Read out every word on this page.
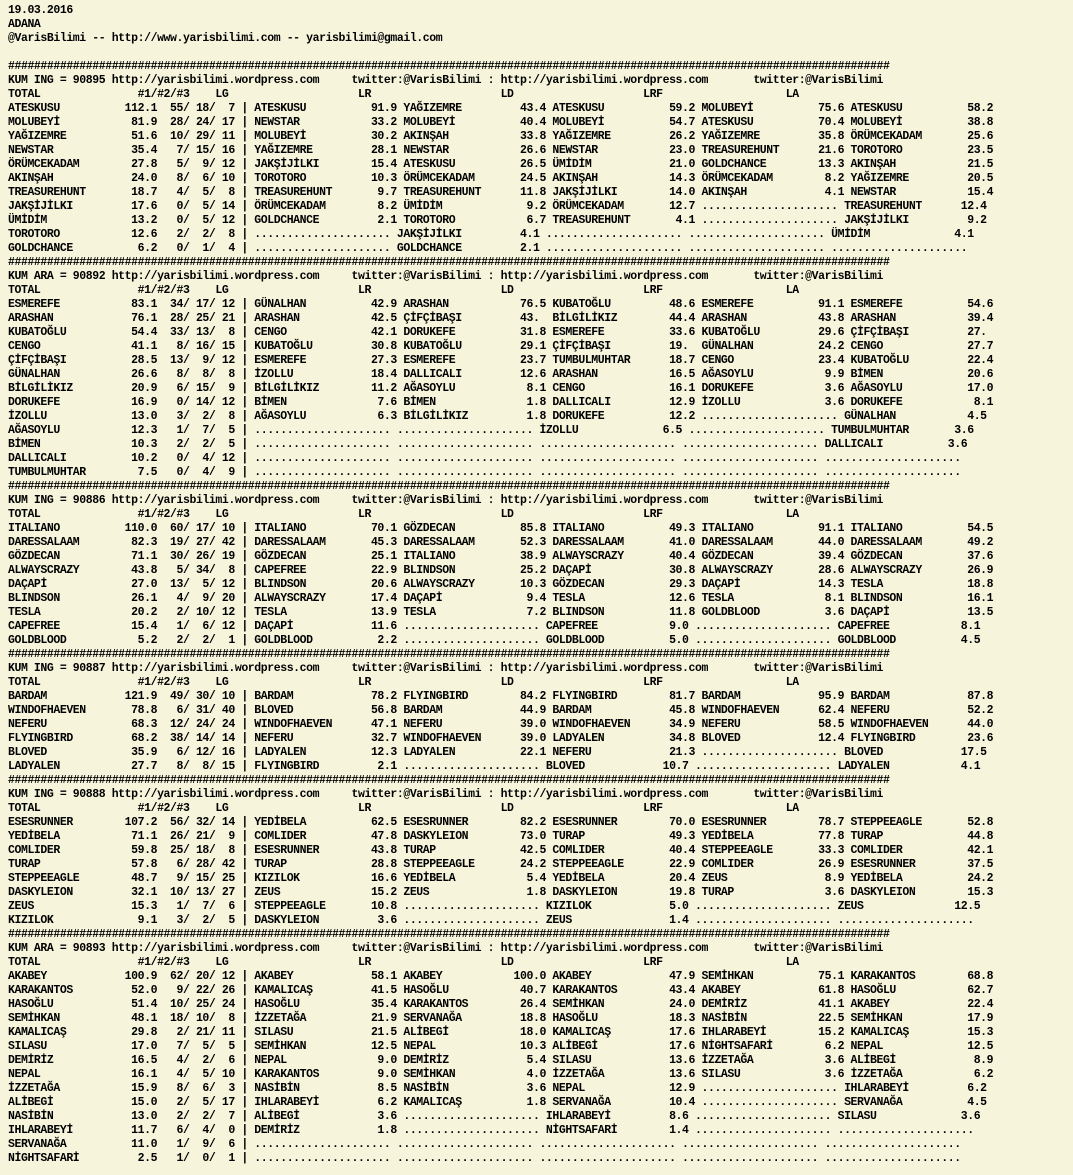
19.03.2016
ADANA
@VarisBilimi -- http://www.yarisbilimi.com -- yarisbilimi@gmail.com

########################################################################################################################################
KUM ING = 90895 http://yarisbilimi.wordpress.com     twitter:@VarisBilimi : http://yarisbilimi.wordpress.com       twitter:@VarisBilimi
TOTAL               #1/#2/#3    LG                    LR                    LD                    LRF                   LA
ATESKUSU          112.1  55/ 18/  7 | ATESKUSU          91.9 YAĞIZEMRE         43.4 ATESKUSU          59.2 MOLUBEYİ          75.6 ATESKUSU          58.2
MOLUBEYİ           81.9  28/ 24/ 17 | NEWSTAR           33.2 MOLUBEYİ          40.4 MOLUBEYİ          54.7 ATESKUSU          70.4 MOLUBEYİ          38.8
YAĞIZEMRE          51.6  10/ 29/ 11 | MOLUBEYİ          30.2 AKINŞAH           33.8 YAĞIZEMRE         26.2 YAĞIZEMRE         35.8 ÖRÜMCEKADAM       25.6
NEWSTAR            35.4   7/ 15/ 16 | YAĞIZEMRE         28.1 NEWSTAR           26.6 NEWSTAR           23.0 TREASUREHUNT      21.6 TOROTORO          23.5
ÖRÜMCEKADAM        27.8   5/  9/ 12 | JAKŞİJİLKI        15.4 ATESKUSU          26.5 ÜMİDİM            21.0 GOLDCHANCE        13.3 AKINŞAH           21.5
AKINŞAH            24.0   8/  6/ 10 | TOROTORO          10.3 ÖRÜMCEKADAM       24.5 AKINŞAH           14.3 ÖRÜMCEKADAM        8.2 YAĞIZEMRE         20.5
TREASUREHUNT       18.7   4/  5/  8 | TREASUREHUNT       9.7 TREASUREHUNT      11.8 JAKŞİJİLKI        14.0 AKINŞAH            4.1 NEWSTAR           15.4
JAKŞİJİLKI         17.6   0/  5/ 14 | ÖRÜMCEKADAM        8.2 ÜMİDİM             9.2 ÖRÜMCEKADAM       12.7 ..................... TREASUREHUNT      12.4
ÜMİDİM             13.2   0/  5/ 12 | GOLDCHANCE         2.1 TOROTORO           6.7 TREASUREHUNT       4.1 ..................... JAKŞİJİLKI         9.2
TOROTORO           12.6   2/  2/  8 | ..................... JAKŞİJİLKI         4.1 ..................... ..................... ÜMİDİM             4.1
GOLDCHANCE          6.2   0/  1/  4 | ..................... GOLDCHANCE         2.1 ..................... ..................... .....................
########################################################################################################################################
KUM ARA = 90892 http://yarisbilimi.wordpress.com     twitter:@VarisBilimi : http://yarisbilimi.wordpress.com       twitter:@VarisBilimi
TOTAL               #1/#2/#3    LG                    LR                    LD                    LRF                   LA
ESMEREFE           83.1  34/ 17/ 12 | GÜNALHAN          42.9 ARASHAN           76.5 KUBATOĞLU         48.6 ESMEREFE          91.1 ESMEREFE          54.6
ARASHAN            76.1  28/ 25/ 21 | ARASHAN           42.5 ÇİFÇİBAŞI         43.  BİLGİLİKIZ        44.4 ARASHAN           43.8 ARASHAN           39.4
KUBATOĞLU          54.4  33/ 13/  8 | CENGO             42.1 DORUKEFE          31.8 ESMEREFE          33.6 KUBATOĞLU         29.6 ÇİFÇİBAŞI         27.
CENGO              41.1   8/ 16/ 15 | KUBATOĞLU         30.8 KUBATOĞLU         29.1 ÇİFÇİBAŞI         19.  GÜNALHAN          24.2 CENGO             27.7
ÇİFÇİBAŞI          28.5  13/  9/ 12 | ESMEREFE          27.3 ESMEREFE          23.7 TUMBULMUHTAR      18.7 CENGO             23.4 KUBATOĞLU         22.4
GÜNALHAN           26.6   8/  8/  8 | İZOLLU            18.4 DALLICALI         12.6 ARASHAN           16.5 AĞASOYLU           9.9 BİMEN             20.6
BİLGİLİKIZ         20.9   6/ 15/  9 | BİLGİLİKIZ        11.2 AĞASOYLU           8.1 CENGO             16.1 DORUKEFE           3.6 AĞASOYLU          17.0
DORUKEFE           16.9   0/ 14/ 12 | BİMEN              7.6 BİMEN              1.8 DALLICALI         12.9 İZOLLU             3.6 DORUKEFE           8.1
İZOLLU             13.0   3/  2/  8 | AĞASOYLU           6.3 BİLGİLİKIZ         1.8 DORUKEFE          12.2 ..................... GÜNALHAN           4.5
AĞASOYLU           12.3   1/  7/  5 | ..................... ..................... İZOLLU             6.5 ..................... TUMBULMUHTAR       3.6
BİMEN              10.3   2/  2/  5 | ..................... ..................... ..................... ..................... DALLICALI          3.6
DALLICALI          10.2   0/  4/ 12 | ..................... ..................... ..................... ..................... .....................
TUMBULMUHTAR        7.5   0/  4/  9 | ..................... ..................... ..................... ..................... .....................
########################################################################################################################################
KUM ING = 90886 http://yarisbilimi.wordpress.com     twitter:@VarisBilimi : http://yarisbilimi.wordpress.com       twitter:@VarisBilimi
TOTAL               #1/#2/#3    LG                    LR                    LD                    LRF                   LA
ITALIANO          110.0  60/ 17/ 10 | ITALIANO          70.1 GÖZDECAN          85.8 ITALIANO          49.3 ITALIANO          91.1 ITALIANO          54.5
DARESSALAAM        82.3  19/ 27/ 42 | DARESSALAAM       45.3 DARESSALAAM       52.3 DARESSALAAM       41.0 DARESSALAAM       44.0 DARESSALAAM       49.2
GÖZDECAN           71.1  30/ 26/ 19 | GÖZDECAN          25.1 ITALIANO          38.9 ALWAYSCRAZY       40.4 GÖZDECAN          39.4 GÖZDECAN          37.6
ALWAYSCRAZY        43.8   5/ 34/  8 | CAPEFREE          22.9 BLINDSON          25.2 DAÇAPİ            30.8 ALWAYSCRAZY       28.6 ALWAYSCRAZY       26.9
DAÇAPİ             27.0  13/  5/ 12 | BLINDSON          20.6 ALWAYSCRAZY       10.3 GÖZDECAN          29.3 DAÇAPİ            14.3 TESLA             18.8
BLINDSON           26.1   4/  9/ 20 | ALWAYSCRAZY       17.4 DAÇAPİ             9.4 TESLA             12.6 TESLA              8.1 BLINDSON          16.1
TESLA              20.2   2/ 10/ 12 | TESLA             13.9 TESLA              7.2 BLINDSON          11.8 GOLDBLOOD          3.6 DAÇAPİ            13.5
CAPEFREE           15.4   1/  6/ 12 | DAÇAPİ            11.6 ..................... CAPEFREE           9.0 ..................... CAPEFREE           8.1
GOLDBLOOD           5.2   2/  2/  1 | GOLDBLOOD          2.2 ..................... GOLDBLOOD          5.0 ..................... GOLDBLOOD          4.5
########################################################################################################################################
KUM ING = 90887 http://yarisbilimi.wordpress.com     twitter:@VarisBilimi : http://yarisbilimi.wordpress.com       twitter:@VarisBilimi
TOTAL               #1/#2/#3    LG                    LR                    LD                    LRF                   LA
BARDAM            121.9  49/ 30/ 10 | BARDAM            78.2 FLYINGBIRD        84.2 FLYINGBIRD        81.7 BARDAM            95.9 BARDAM            87.8
WINDOFHAEVEN       78.8   6/ 31/ 40 | BLOVED            56.8 BARDAM            44.9 BARDAM            45.8 WINDOFHAEVEN      62.4 NEFERU            52.2
NEFERU             68.3  12/ 24/ 24 | WINDOFHAEVEN      47.1 NEFERU            39.0 WINDOFHAEVEN      34.9 NEFERU            58.5 WINDOFHAEVEN      44.0
FLYINGBIRD         68.2  38/ 14/ 14 | NEFERU            32.7 WINDOFHAEVEN      39.0 LADYALEN          34.8 BLOVED            12.4 FLYINGBIRD        23.6
BLOVED             35.9   6/ 12/ 16 | LADYALEN          12.3 LADYALEN          22.1 NEFERU            21.3 ..................... BLOVED            17.5
LADYALEN           27.7   8/  8/ 15 | FLYINGBIRD         2.1 ..................... BLOVED            10.7 ..................... LADYALEN           4.1
########################################################################################################################################
KUM ING = 90888 http://yarisbilimi.wordpress.com     twitter:@VarisBilimi : http://yarisbilimi.wordpress.com       twitter:@VarisBilimi
TOTAL               #1/#2/#3    LG                    LR                    LD                    LRF                   LA
ESESRUNNER        107.2  56/ 32/ 14 | YEDİBELA          62.5 ESESRUNNER        82.2 ESESRUNNER        70.0 ESESRUNNER        78.7 STEPPEEAGLE       52.8
YEDİBELA           71.1  26/ 21/  9 | COMLIDER          47.8 DASKYLEION        73.0 TURAP             49.3 YEDİBELA          77.8 TURAP             44.8
COMLIDER           59.8  25/ 18/  8 | ESESRUNNER        43.8 TURAP             42.5 COMLIDER          40.4 STEPPEEAGLE       33.3 COMLIDER          42.1
TURAP              57.8   6/ 28/ 42 | TURAP             28.8 STEPPEEAGLE       24.2 STEPPEEAGLE       22.9 COMLIDER          26.9 ESESRUNNER        37.5
STEPPEEAGLE        48.7   9/ 15/ 25 | KIZILOK           16.6 YEDİBELA           5.4 YEDİBELA          20.4 ZEUS               8.9 YEDİBELA          24.2
DASKYLEION         32.1  10/ 13/ 27 | ZEUS              15.2 ZEUS               1.8 DASKYLEION        19.8 TURAP              3.6 DASKYLEION        15.3
ZEUS               15.3   1/  7/  6 | STEPPEEAGLE       10.8 ..................... KIZILOK            5.0 ..................... ZEUS              12.5
KIZILOK             9.1   3/  2/  5 | DASKYLEION         3.6 ..................... ZEUS               1.4 ..................... .....................
########################################################################################################################################
KUM ARA = 90893 http://yarisbilimi.wordpress.com     twitter:@VarisBilimi : http://yarisbilimi.wordpress.com       twitter:@VarisBilimi
TOTAL               #1/#2/#3    LG                    LR                    LD                    LRF                   LA
AKABEY            100.9  62/ 20/ 12 | AKABEY            58.1 AKABEY           100.0 AKABEY            47.9 SEMİHKAN          75.1 KARAKANTOS        68.8
KARAKANTOS         52.0   9/ 22/ 26 | KAMALICAŞ         41.5 HASOĞLU           40.7 KARAKANTOS        43.4 AKABEY            61.8 HASOĞLU           62.7
HASOĞLU            51.4  10/ 25/ 24 | HASOĞLU           35.4 KARAKANTOS        26.4 SEMİHKAN          24.0 DEMİRİZ           41.1 AKABEY            22.4
SEMİHKAN           48.1  18/ 10/  8 | İZZETAĞA          21.9 SERVANAĞA         18.8 HASOĞLU           18.3 NASİBİN           22.5 SEMİHKAN          17.9
KAMALICAŞ          29.8   2/ 21/ 11 | SILASU            21.5 ALİBEGİ           18.0 KAMALICAŞ         17.6 IHLARABEYİ        15.2 KAMALICAŞ         15.3
SILASU             17.0   7/  5/  5 | SEMİHKAN          12.5 NEPAL             10.3 ALİBEGİ           17.6 NİGHTSAFARİ        6.2 NEPAL             12.5
DEMİRİZ            16.5   4/  2/  6 | NEPAL              9.0 DEMİRİZ            5.4 SILASU            13.6 İZZETAĞA           3.6 ALİBEGİ            8.9
NEPAL              16.1   4/  5/ 10 | KARAKANTOS         9.0 SEMİHKAN           4.0 İZZETAĞA          13.6 SILASU             3.6 İZZETAĞA           6.2
İZZETAĞA           15.9   8/  6/  3 | NASİBİN            8.5 NASİBİN            3.6 NEPAL             12.9 ..................... IHLARABEYİ         6.2
ALİBEGİ            15.0   2/  5/ 17 | IHLARABEYİ         6.2 KAMALICAŞ          1.8 SERVANAĞA         10.4 ..................... SERVANAĞA          4.5
NASİBİN            13.0   2/  2/  7 | ALİBEGİ            3.6 ..................... IHLARABEYİ         8.6 ..................... SILASU             3.6
IHLARABEYİ         11.7   6/  4/  0 | DEMİRİZ            1.8 ..................... NİGHTSAFARİ        1.4 ..................... .....................
SERVANAĞA          11.0   1/  9/  6 | ..................... ..................... ..................... ..................... .....................
NİGHTSAFARİ         2.5   1/  0/  1 | ..................... ..................... ..................... ..................... .....................
